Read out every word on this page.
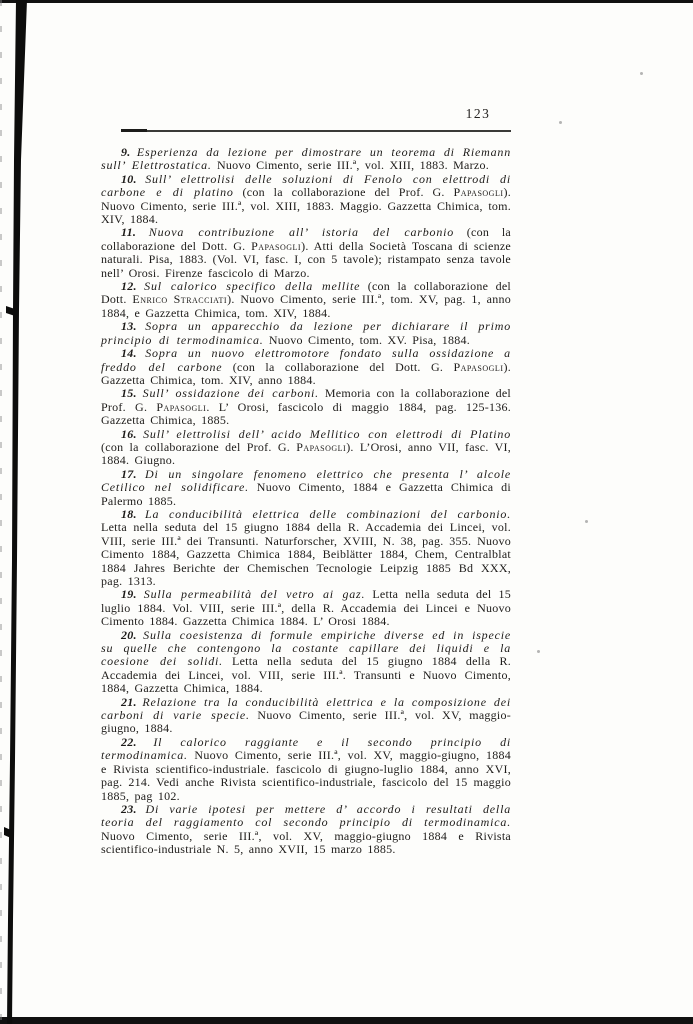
123

9. Esperienza da lezione per dimostrare un teorema di Riemann sull’ Elettrostatica. Nuovo Cimento, serie III.ª, vol. XIII, 1883. Marzo.

10. Sull’ elettrolisi delle soluzioni di Fenolo con elettrodi di carbone e di platino (con la collaborazione del Prof. G. Papasogli). Nuovo Cimento, serie III.ª, vol. XIII, 1883. Maggio. Gazzetta Chimica, tom. XIV, 1884.

11. Nuova contribuzione all’ istoria del carbonio (con la collaborazione del Dott. G. Papasogli). Atti della Società Toscana di scienze naturali. Pisa, 1883. (Vol. VI, fasc. I, con 5 tavole); ristampato senza tavole nell’ Orosi. Firenze fascicolo di Marzo.

12. Sul calorico specifico della mellite (con la collaborazione del Dott. Enrico Stracciati). Nuovo Cimento, serie III.ª, tom. XV, pag. 1, anno 1884, e Gazzetta Chimica, tom. XIV, 1884.

13. Sopra un apparecchio da lezione per dichiarare il primo principio di termodinamica. Nuovo Cimento, tom. XV. Pisa, 1884.

14. Sopra un nuovo elettromotore fondato sulla ossidazione a freddo del carbone (con la collaborazione del Dott. G. Papasogli). Gazzetta Chimica, tom. XIV, anno 1884.

15. Sull’ ossidazione dei carboni. Memoria con la collaborazione del Prof. G. Papasogli. L’ Orosi, fascicolo di maggio 1884, pag. 125-136. Gazzetta Chimica, 1885.

16. Sull’ elettrolisi dell’ acido Mellitico con elettrodi di Platino (con la collaborazione del Prof. G. Papasogli). L’Orosi, anno VII, fasc. VI, 1884. Giugno.

17. Di un singolare fenomeno elettrico che presenta l’ alcole Cetilico nel solidificare. Nuovo Cimento, 1884 e Gazzetta Chimica di Palermo 1885.

18. La conducibilità elettrica delle combinazioni del carbonio. Letta nella seduta del 15 giugno 1884 della R. Accademia dei Lincei, vol. VIII, serie III.ª dei Transunti. Naturforscher, XVIII, N. 38, pag. 355. Nuovo Cimento 1884, Gazzetta Chimica 1884, Beiblätter 1884, Chem, Centralblat 1884 Jahres Berichte der Chemischen Tecnologie Leipzig 1885 Bd XXX, pag. 1313.

19. Sulla permeabilità del vetro ai gaz. Letta nella seduta del 15 luglio 1884. Vol. VIII, serie III.ª, della R. Accademia dei Lincei e Nuovo Cimento 1884. Gazzetta Chimica 1884. L’ Orosi 1884.

20. Sulla coesistenza di formule empiriche diverse ed in ispecie su quelle che contengono la costante capillare dei liquidi e la coesione dei solidi. Letta nella seduta del 15 giugno 1884 della R. Accademia dei Lincei, vol. VIII, serie III.ª. Transunti e Nuovo Cimento, 1884, Gazzetta Chimica, 1884.

21. Relazione tra la conducibilità elettrica e la composizione dei carboni di varie specie. Nuovo Cimento, serie III.ª, vol. XV, maggio-giugno, 1884.

22. Il calorico raggiante e il secondo principio di termodinamica. Nuovo Cimento, serie III.ª, vol. XV, maggio-giugno, 1884 e Rivista scientifico-industriale. fascicolo di giugno-luglio 1884, anno XVI, pag. 214. Vedi anche Rivista scientifico-industriale, fascicolo del 15 maggio 1885, pag 102.

23. Di varie ipotesi per mettere d’ accordo i resultati della teoria del raggiamento col secondo principio di termodinamica. Nuovo Cimento, serie III.ª, vol. XV, maggio-giugno 1884 e Rivista scientifico-industriale N. 5, anno XVII, 15 marzo 1885.
